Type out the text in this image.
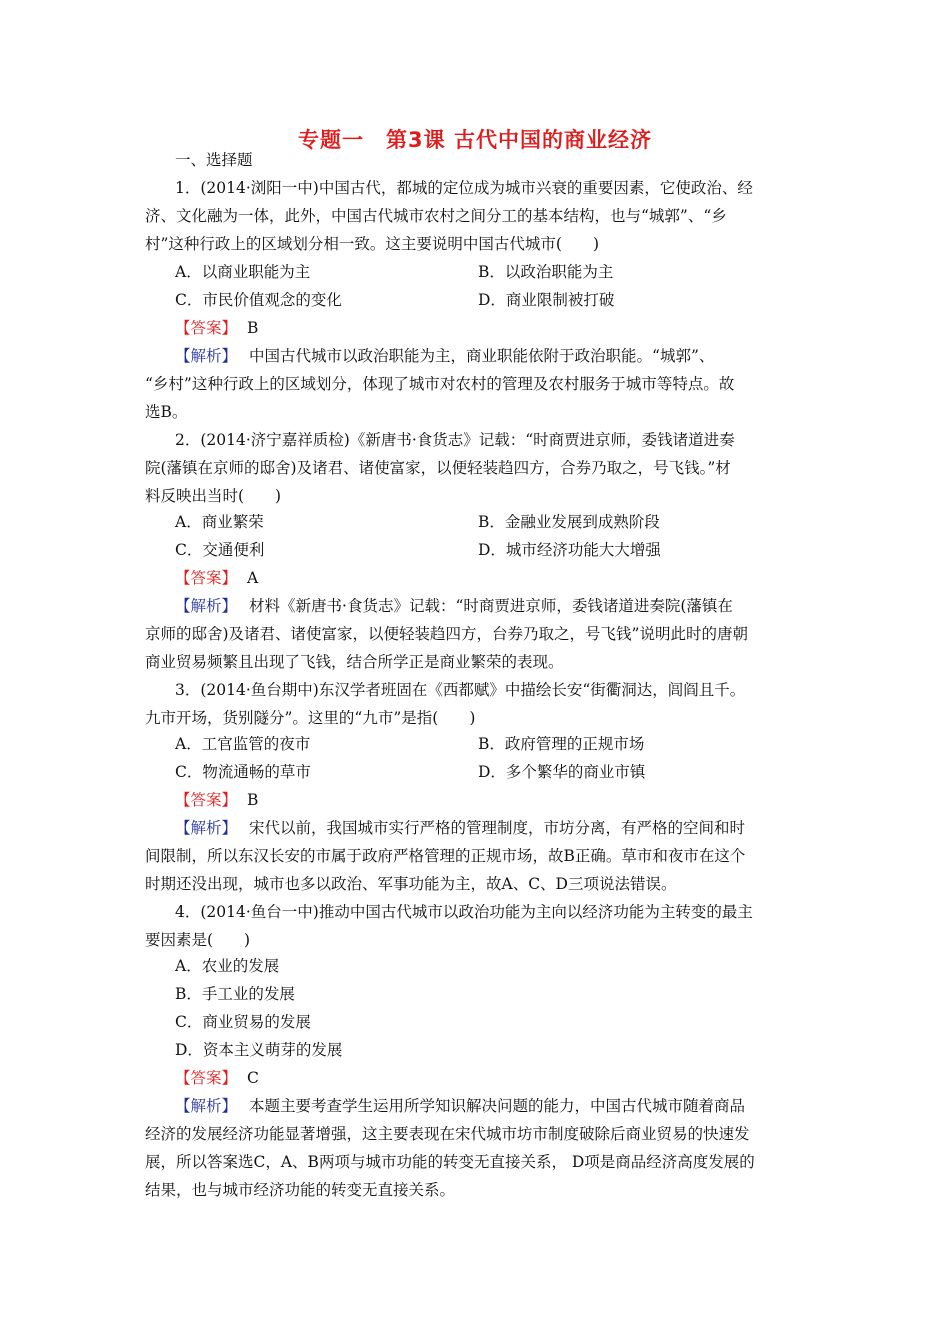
专题一　第3课 古代中国的商业经济
一、选择题
1．(2014·浏阳一中)中国古代，都城的定位成为城市兴衰的重要因素，它使政治、经
济、文化融为一体，此外，中国古代城市农村之间分工的基本结构，也与“城郭”、“乡
村”这种行政上的区域划分相一致。这主要说明中国古代城市(　　)
A．以商业职能为主	B．以政治职能为主
C．市民价值观念的变化	D．商业限制被打破
【答案】 B
【解析】 中国古代城市以政治职能为主，商业职能依附于政治职能。“城郭”、
“乡村”这种行政上的区域划分，体现了城市对农村的管理及农村服务于城市等特点。故
选B。
2．(2014·济宁嘉祥质检)《新唐书·食货志》记载：“时商贾进京师，委钱诸道进奏
院(藩镇在京师的邸舍)及诸君、诸使富家，以便轻装趋四方，合券乃取之，号飞钱。”材
料反映出当时(　　)
A．商业繁荣	B．金融业发展到成熟阶段
C．交通便利	D．城市经济功能大大增强
【答案】 A
【解析】 材料《新唐书·食货志》记载：“时商贾进京师，委钱诸道进奏院(藩镇在
京师的邸舍)及诸君、诸使富家，以便轻装趋四方，台券乃取之，号飞钱”说明此时的唐朝
商业贸易频繁且出现了飞钱，结合所学正是商业繁荣的表现。
3．(2014·鱼台期中)东汉学者班固在《西都赋》中描绘长安“街衢洞达，闾阎且千。
九市开场，货别隧分”。这里的“九市”是指(　　)
A．工官监管的夜市	B．政府管理的正规市场
C．物流通畅的草市	D．多个繁华的商业市镇
【答案】 B
【解析】 宋代以前，我国城市实行严格的管理制度，市坊分离，有严格的空间和时
间限制，所以东汉长安的市属于政府严格管理的正规市场，故B正确。草市和夜市在这个
时期还没出现，城市也多以政治、军事功能为主，故A、C、D三项说法错误。
4．(2014·鱼台一中)推动中国古代城市以政治功能为主向以经济功能为主转变的最主
要因素是(　　)
A．农业的发展
B．手工业的发展
C．商业贸易的发展
D．资本主义萌芽的发展
【答案】 C
【解析】 本题主要考查学生运用所学知识解决问题的能力，中国古代城市随着商品
经济的发展经济功能显著增强，这主要表现在宋代城市坊市制度破除后商业贸易的快速发
展，所以答案选C，A、B两项与城市功能的转变无直接关系， D项是商品经济高度发展的
结果，也与城市经济功能的转变无直接关系。
